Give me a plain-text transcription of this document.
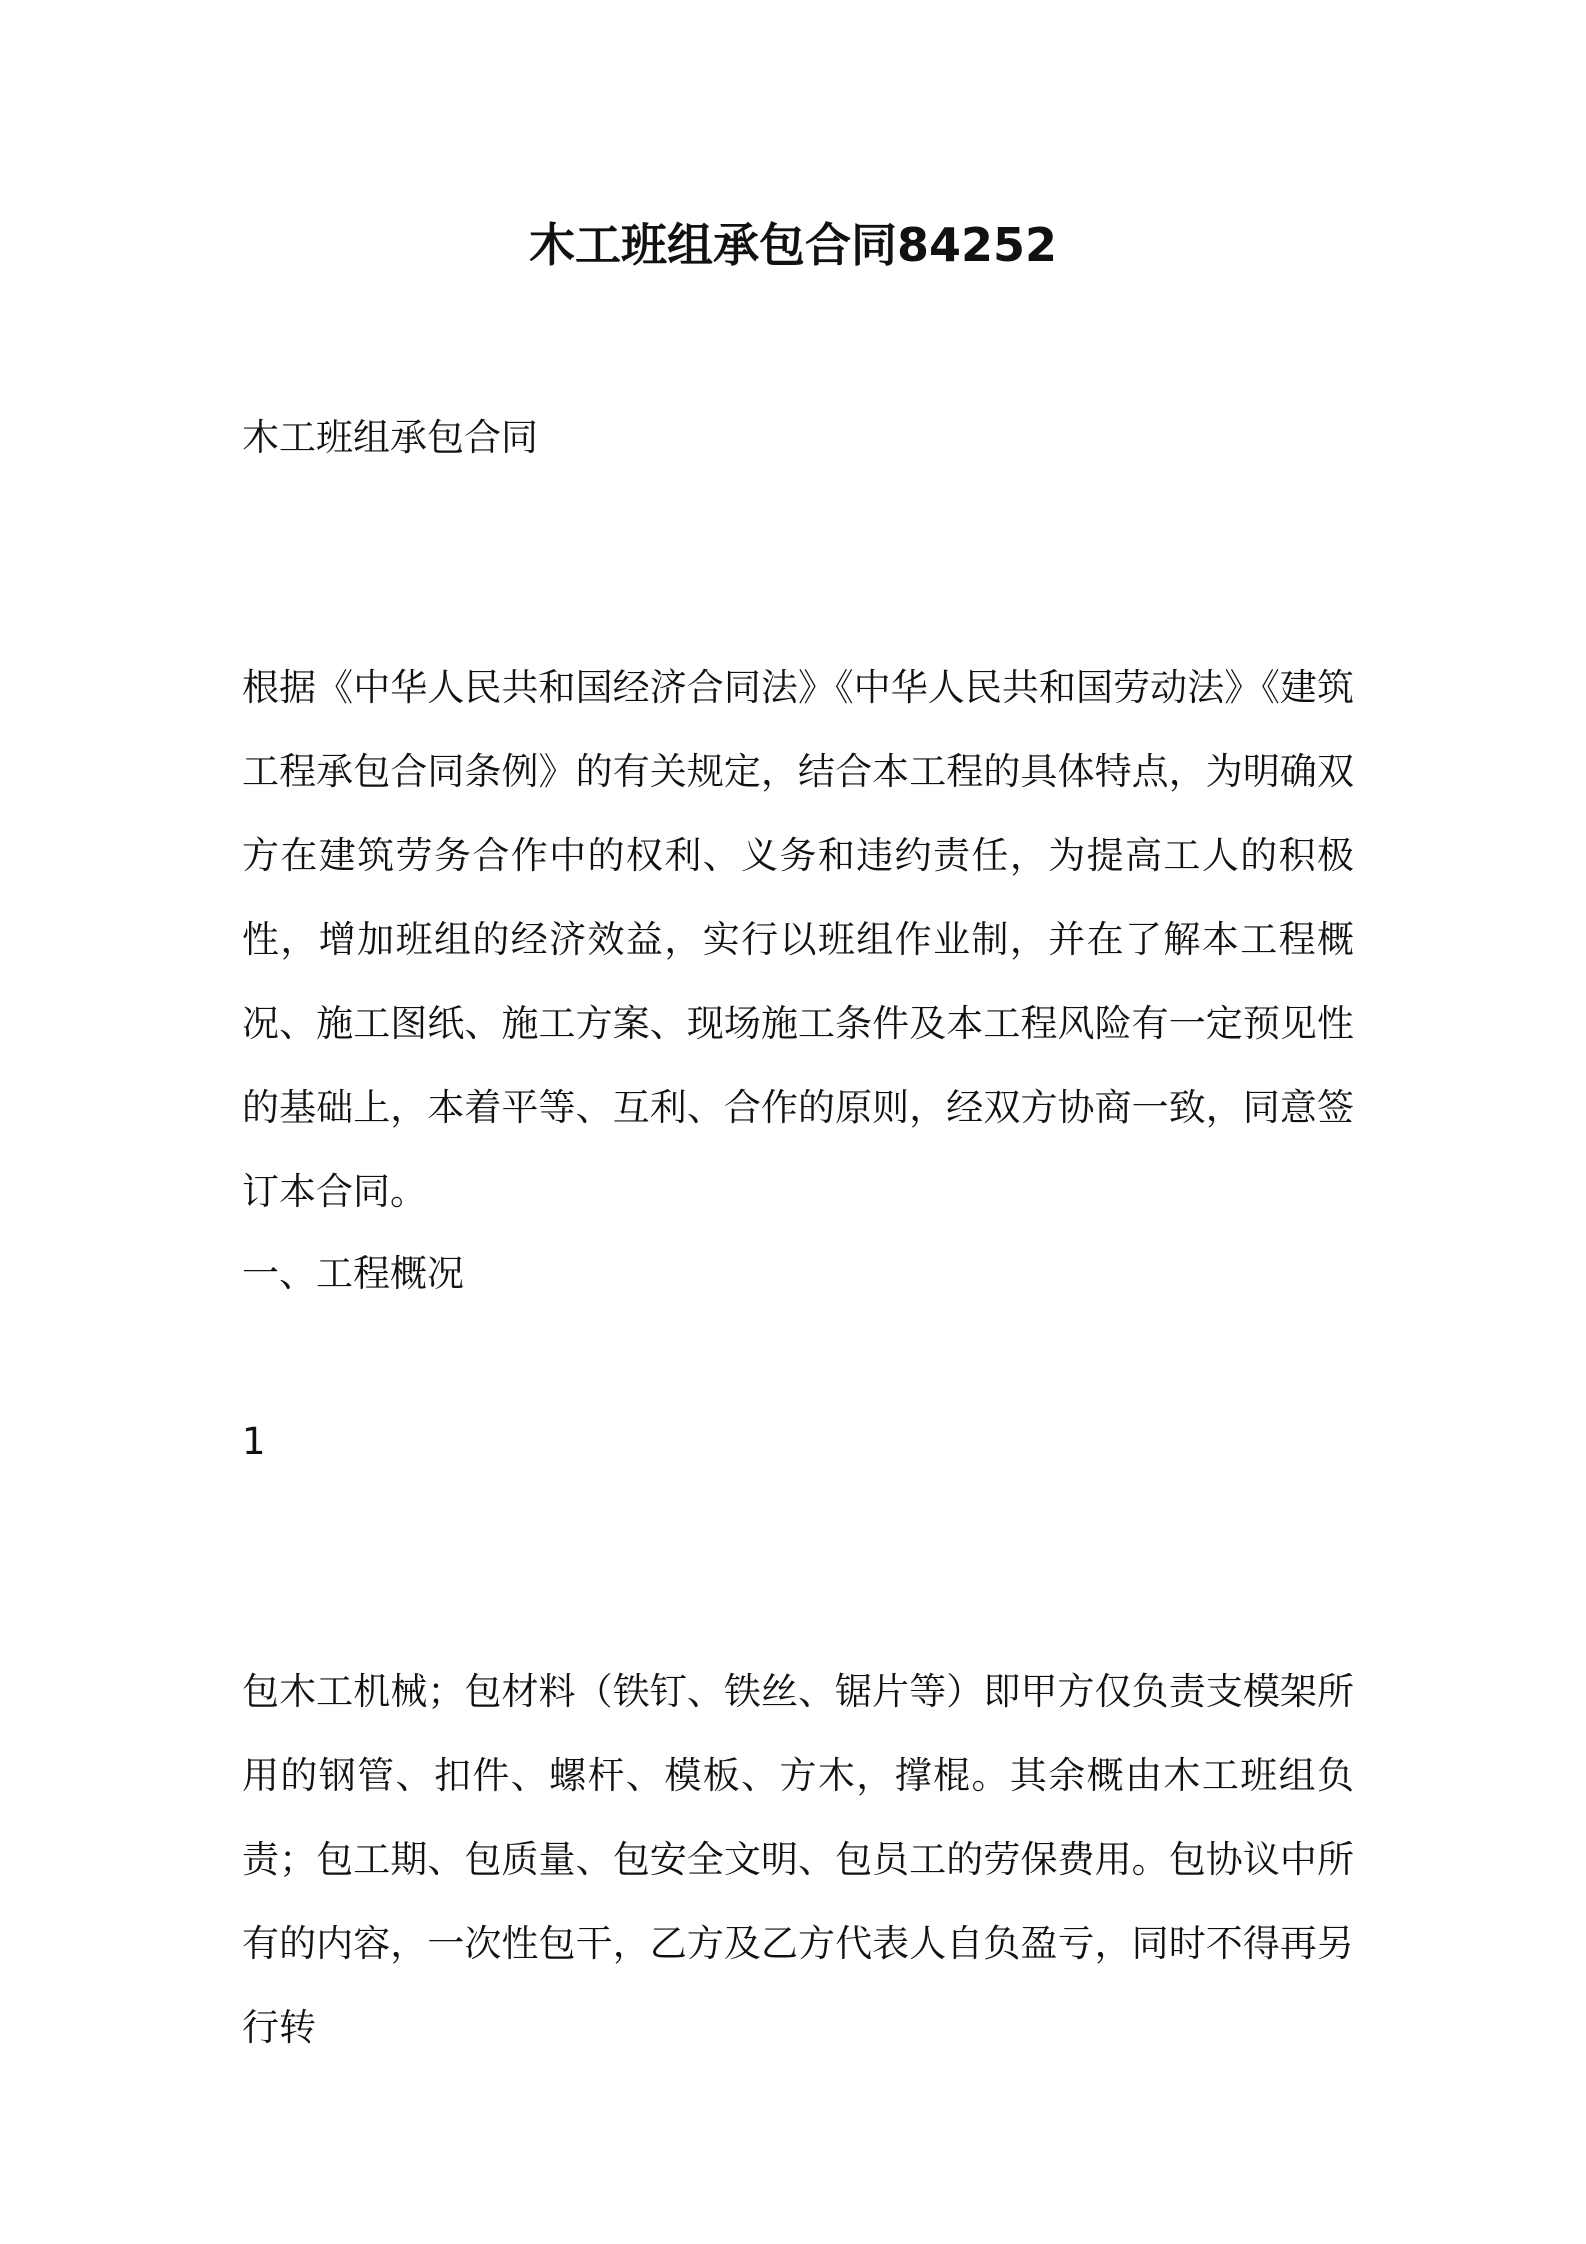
木工班组承包合同84252
木工班组承包合同
根据《中华人民共和国经济合同法》《中华人民共和国劳动法》《建筑工程承包合同条例》的有关规定，结合本工程的具体特点，为明确双方在建筑劳务合作中的权利、义务和违约责任，为提高工人的积极性，增加班组的经济效益，实行以班组作业制，并在了解本工程概况、施工图纸、施工方案、现场施工条件及本工程风险有一定预见性的基础上，本着平等、互利、合作的原则，经双方协商一致，同意签订本合同。
一、工程概况
1
包木工机械；包材料（铁钉、铁丝、锯片等）即甲方仅负责支模架所用的钢管、扣件、螺杆、模板、方木，撑棍。其余概由木工班组负责；包工期、包质量、包安全文明、包员工的劳保费用。包协议中所有的内容，一次性包干，乙方及乙方代表人自负盈亏，同时不得再另行转
